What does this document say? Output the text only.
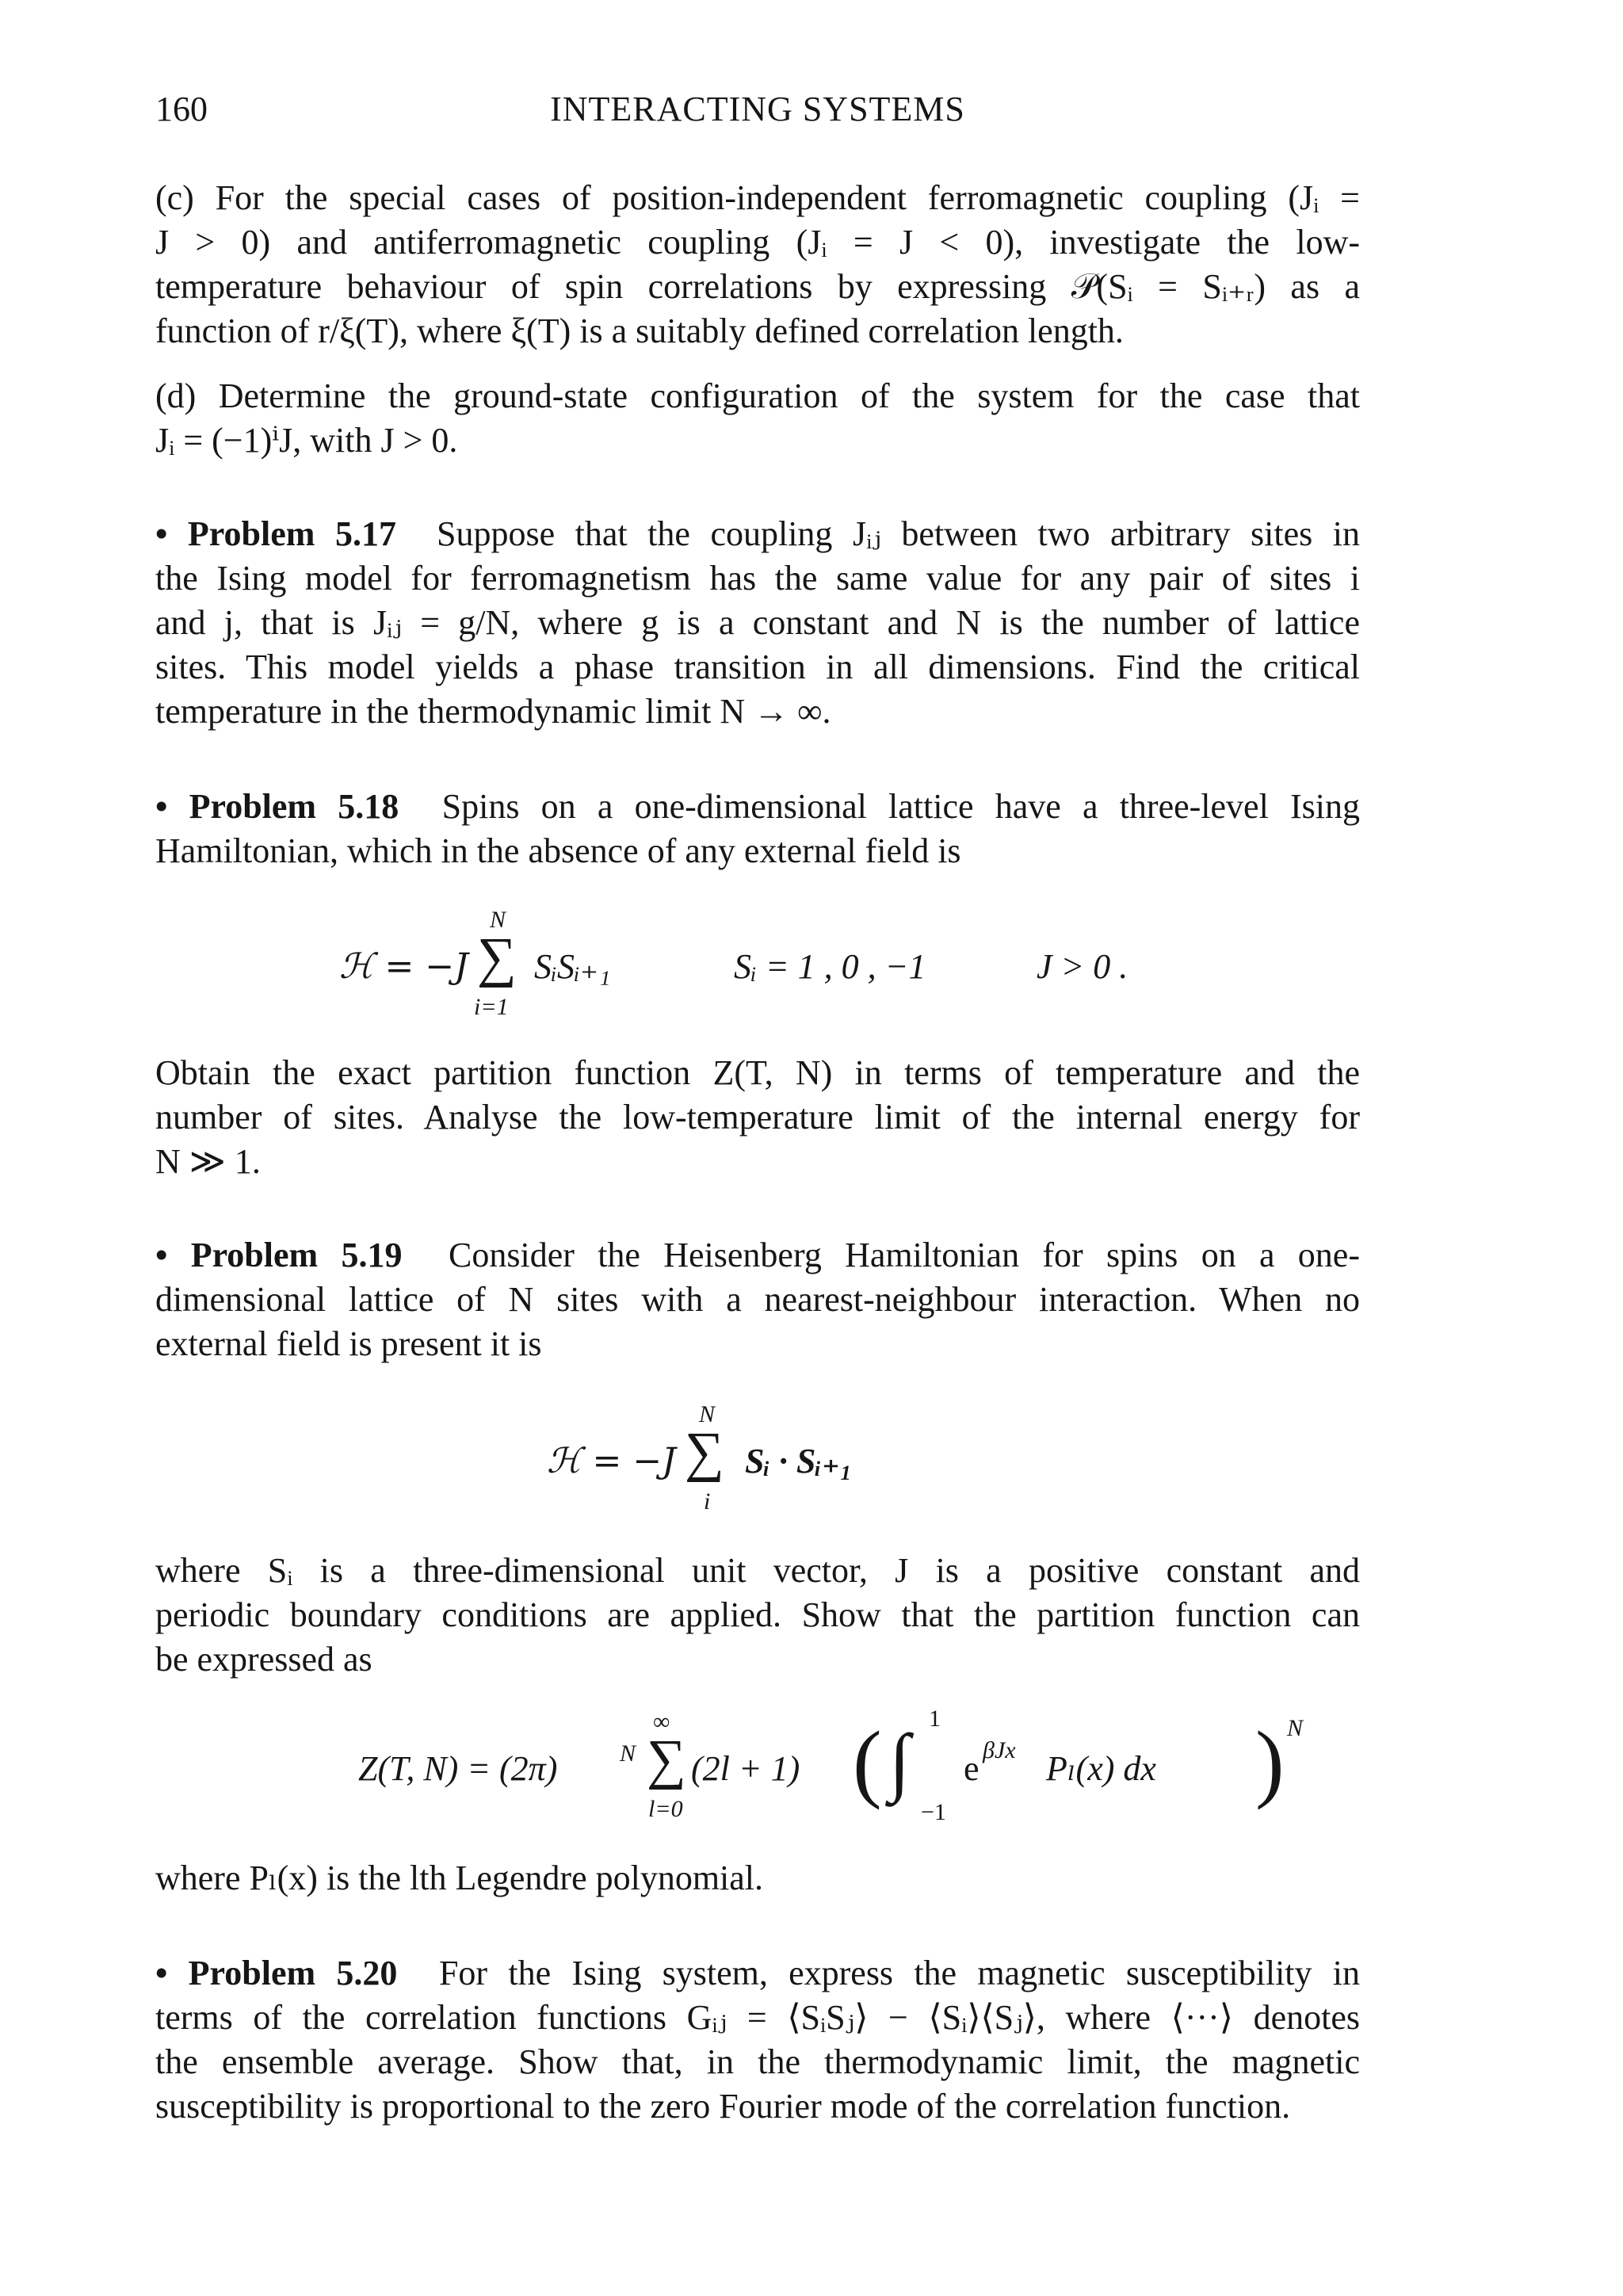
160	INTERACTING SYSTEMS

(c) For the special cases of position-independent ferromagnetic coupling (Jᵢ =
J > 0) and antiferromagnetic coupling (Jᵢ = J < 0), investigate the low-
temperature behaviour of spin correlations by expressing 𝒫(Sᵢ = Sᵢ₊ᵣ) as a
function of r/ξ(T), where ξ(T) is a suitably defined correlation length.

(d) Determine the ground-state configuration of the system for the case that
Jᵢ = (−1)ⁱJ, with J > 0.

• Problem 5.17 Suppose that the coupling Jᵢⱼ between two arbitrary sites in
the Ising model for ferromagnetism has the same value for any pair of sites i
and j, that is Jᵢⱼ = g/N, where g is a constant and N is the number of lattice
sites. This model yields a phase transition in all dimensions. Find the critical
temperature in the thermodynamic limit N → ∞.

• Problem 5.18 Spins on a one-dimensional lattice have a three-level Ising
Hamiltonian, which in the absence of any external field is

ℋ = −J
N
∑
i=1
SᵢSᵢ₊₁	Sᵢ = 1 , 0 , −1	J > 0 .

Obtain the exact partition function Z(T, N) in terms of temperature and the
number of sites. Analyse the low-temperature limit of the internal energy for
N ≫ 1.

• Problem 5.19 Consider the Heisenberg Hamiltonian for spins on a one-
dimensional lattice of N sites with a nearest-neighbour interaction. When no
external field is present it is

ℋ = −J
N
∑
i
Sᵢ · Sᵢ₊₁

where Sᵢ is a three-dimensional unit vector, J is a positive constant and
periodic boundary conditions are applied. Show that the partition function can
be expressed as

Z(T, N) = (2π)	N
∞
∑
l=0
(2l + 1) ( 1
∫
−1
e βJx Pₗ(x) dx ) N

where Pₗ(x) is the lth Legendre polynomial.

• Problem 5.20 For the Ising system, express the magnetic susceptibility in
terms of the correlation functions Gᵢⱼ = ⟨SᵢSⱼ⟩ − ⟨Sᵢ⟩⟨Sⱼ⟩, where ⟨···⟩ denotes
the ensemble average. Show that, in the thermodynamic limit, the magnetic
susceptibility is proportional to the zero Fourier mode of the correlation function.
